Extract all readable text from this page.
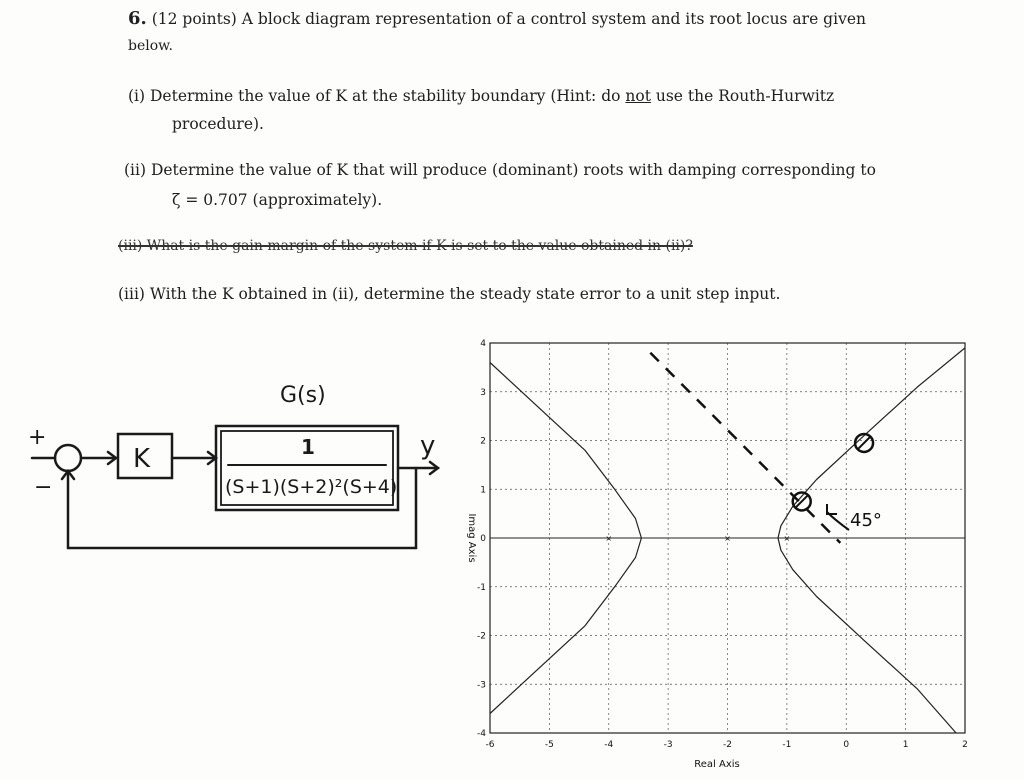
6. (12 points) A block diagram representation of a control system and its root locus are given
below.
(i) Determine the value of K at the stability boundary (Hint: do not use the Routh-Hurwitz
procedure).
(ii) Determine the value of K that will produce (dominant) roots with damping corresponding to
ζ = 0.707 (approximately).
(iii) What is the gain margin of the system if K is set to the value obtained in (ii)?
(iii) With the K obtained in (ii), determine the steady state error to a unit step input.
G(s)
K	1
(S+1)(S+2)²(S+4)
y
+
−
-6	-5	-4	-3	-2	-1	0	1	2
4
3
2
1
0
-1
-2
-3
-4
×	×	×
45°
Real Axis
Imag Axis
